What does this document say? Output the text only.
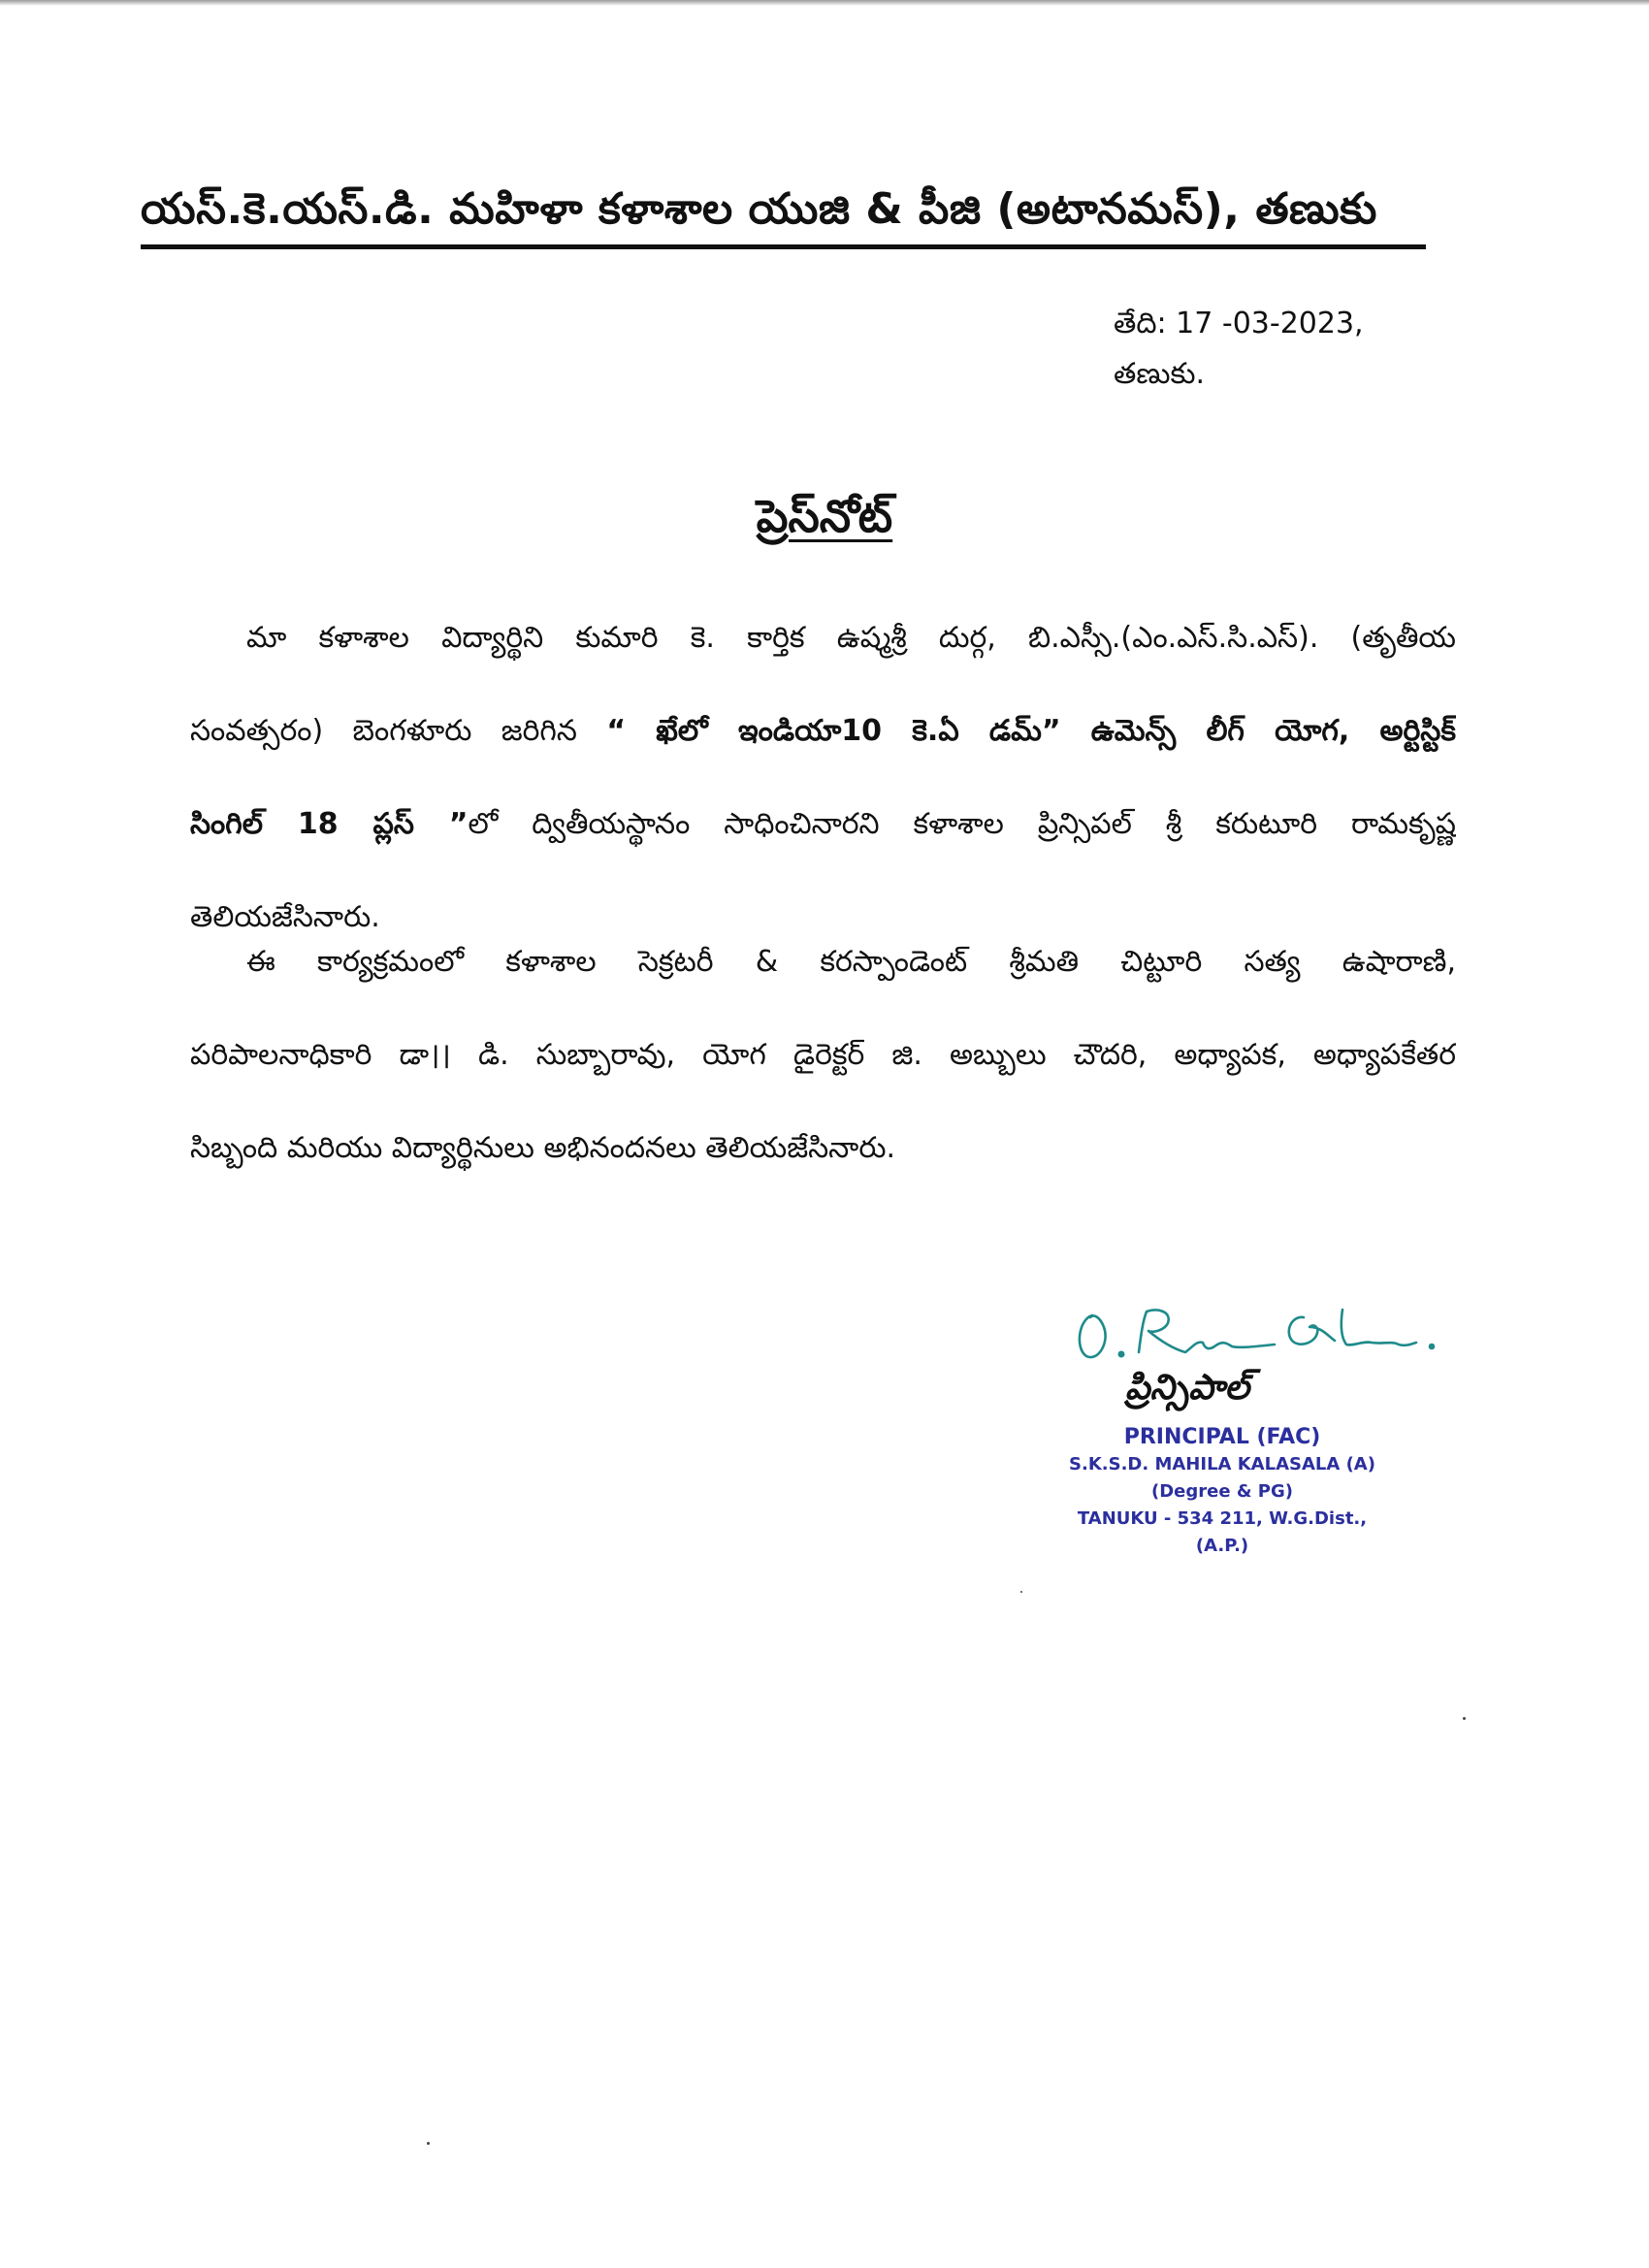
యస్.కె.యస్.డి. మహిళా కళాశాల యుజి & పీజి (అటానమస్), తణుకు
తేది: 17 -03-2023,
తణుకు.
ప్రెస్‌నోట్
మా కళాశాల విద్యార్థిని కుమారి కె. కార్తిక ఉష్మశ్రీ దుర్గ, బి.ఎస్సీ.(ఎం.ఎస్.సి.ఎస్). (తృతీయ
సంవత్సరం) బెంగళూరు జరిగిన “ ఖేలో ఇండియా10 కె.ఏ డమ్” ఉమెన్స్ లీగ్ యోగ, అర్టిస్టిక్
సింగిల్ 18 ప్లస్ ”లో ద్వితీయస్థానం సాధించినారని కళాశాల ప్రిన్సిపల్ శ్రీ కరుటూరి రామకృష్ణ
తెలియజేసినారు.
ఈ కార్యక్రమంలో కళాశాల సెక్రటరీ & కరస్పాండెంట్ శ్రీమతి చిట్టూరి సత్య ఉషారాణి,
పరిపాలనాధికారి డా।। డి. సుబ్బారావు, యోగ డైరెక్టర్ జి. అబ్బులు చౌదరి, అధ్యాపక, అధ్యాపకేతర
సిబ్బంది మరియు విద్యార్థినులు అభినందనలు తెలియజేసినారు.
ప్రిన్సిపాల్
PRINCIPAL (FAC)
S.K.S.D. MAHILA KALASALA (A)
(Degree & PG)
TANUKU - 534 211, W.G.Dist., (A.P.)
